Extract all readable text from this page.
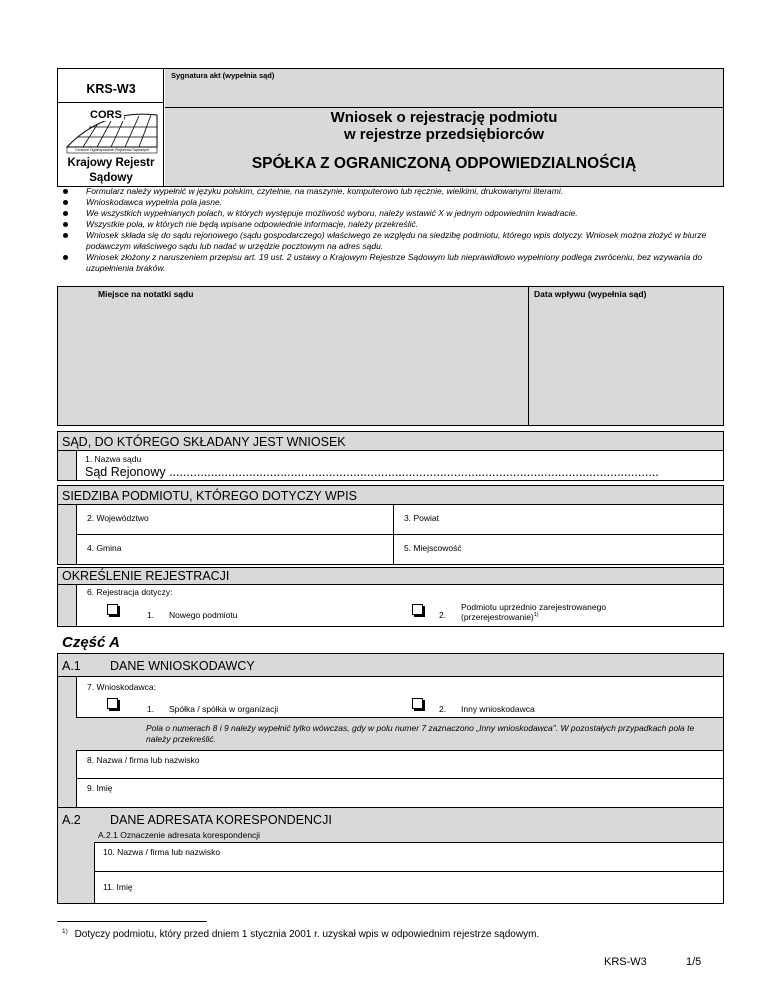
KRS-W3
CORS
Centrum Ogólnopolskich Rejestrów Sądowych
Krajowy Rejestr
Sądowy
Sygnatura akt (wypełnia sąd)
Wniosek o rejestrację podmiotu
w rejestrze przedsiębiorców
SPÓŁKA Z OGRANICZONĄ ODPOWIEDZIALNOŚCIĄ
Formularz należy wypełnić w języku polskim, czytelnie, na maszynie, komputerowo lub ręcznie, wielkimi, drukowanymi literami.
Wnioskodawca wypełnia pola jasne.
We wszystkich wypełnianych polach, w których występuje możliwość wyboru, należy wstawić X w jednym odpowiednim kwadracie.
Wszystkie pola, w których nie będą wpisane odpowiednie informacje, należy przekreślić.
Wniosek składa się do sądu rejonowego (sądu gospodarczego) właściwego ze względu na siedzibę podmiotu, którego wpis dotyczy. Wniosek można złożyć w biurze podawczym właściwego sądu lub nadać w urzędzie pocztowym na adres sądu.
Wniosek złożony z naruszeniem przepisu art. 19 ust. 2 ustawy o Krajowym Rejestrze Sądowym lub nieprawidłowo wypełniony podlega zwróceniu, bez wzywania do uzupełnienia braków.
Miejsce na notatki sądu	Data wpływu (wypełnia sąd)
SĄD, DO KTÓREGO SKŁADANY JEST WNIOSEK
1. Nazwa sądu
Sąd Rejonowy .............................................................................................................................................
SIEDZIBA PODMIOTU, KTÓREGO DOTYCZY WPIS
2. Województwo	3. Powiat
4. Gmina	5. Miejscowość
OKREŚLENIE REJESTRACJI
6. Rejestracja dotyczy:
1. Nowego podmiotu	2.
Podmiotu uprzednio zarejestrowanego
(przerejestrowanie)$^{1)}$
Część A
A.1 DANE WNIOSKODAWCY
7. Wnioskodawca:
1. Spółka / spółka w organizacji	2. Inny wnioskodawca
Pola o numerach 8 i 9 należy wypełnić tylko wówczas, gdy w polu numer 7 zaznaczono „Inny wnioskodawca". W pozostałych przypadkach pola te należy przekreślić.
8. Nazwa / firma lub nazwisko
9. Imię
A.2 DANE ADRESATA KORESPONDENCJI
A.2.1 Oznaczenie adresata korespondencji
10. Nazwa / firma lub nazwisko
11. Imię
$^{1)}$ Dotyczy podmiotu, który przed dniem 1 stycznia 2001 r. uzyskał wpis w odpowiednim rejestrze sądowym.
KRS-W3	1/5
